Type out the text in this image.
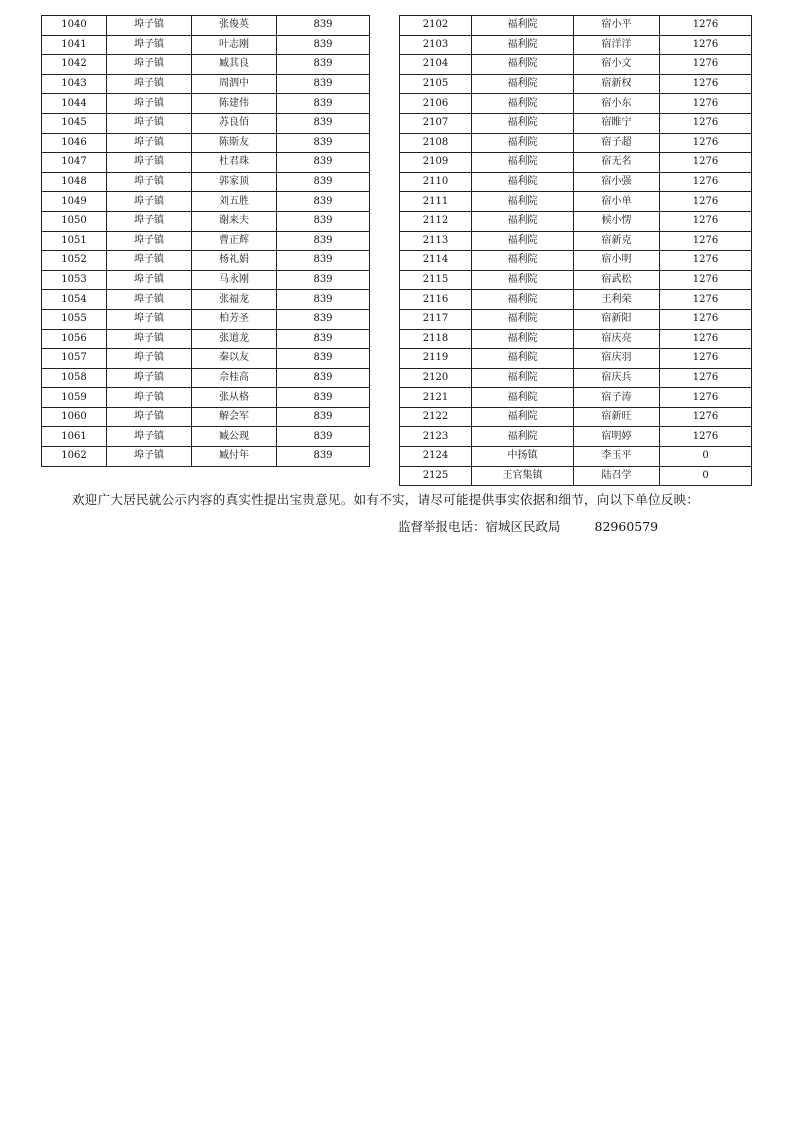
1040	埠子镇	张俊英	839
1041	埠子镇	叶志刚	839
1042	埠子镇	臧其良	839
1043	埠子镇	周泗中	839
1044	埠子镇	陈建伟	839
1045	埠子镇	苏良佰	839
1046	埠子镇	陈斯友	839
1047	埠子镇	杜君珠	839
1048	埠子镇	郭家顶	839
1049	埠子镇	刘五胜	839
1050	埠子镇	谢来夫	839
1051	埠子镇	曹正辉	839
1052	埠子镇	杨礼娟	839
1053	埠子镇	马永刚	839
1054	埠子镇	张福龙	839
1055	埠子镇	柏芳圣	839
1056	埠子镇	张道龙	839
1057	埠子镇	秦以友	839
1058	埠子镇	佘桂高	839
1059	埠子镇	张从格	839
1060	埠子镇	解会军	839
1061	埠子镇	臧公现	839
1062	埠子镇	臧付年	839
2102	福利院	宿小平	1276
2103	福利院	宿洋洋	1276
2104	福利院	宿小文	1276
2105	福利院	宿新权	1276
2106	福利院	宿小东	1276
2107	福利院	宿睢宁	1276
2108	福利院	宿子超	1276
2109	福利院	宿无名	1276
2110	福利院	宿小强	1276
2111	福利院	宿小单	1276
2112	福利院	候小愣	1276
2113	福利院	宿新克	1276
2114	福利院	宿小明	1276
2115	福利院	宿武松	1276
2116	福利院	王利荣	1276
2117	福利院	宿新阳	1276
2118	福利院	宿庆亮	1276
2119	福利院	宿庆羽	1276
2120	福利院	宿庆兵	1276
2121	福利院	宿子涛	1276
2122	福利院	宿新旺	1276
2123	福利院	宿明婷	1276
2124	中扬镇	李玉平	0
2125	王官集镇	陆召学	0
欢迎广大居民就公示内容的真实性提出宝贵意见。如有不实，请尽可能提供事实依据和细节，向以下单位反映：
监督举报电话：宿城区民政局	82960579
